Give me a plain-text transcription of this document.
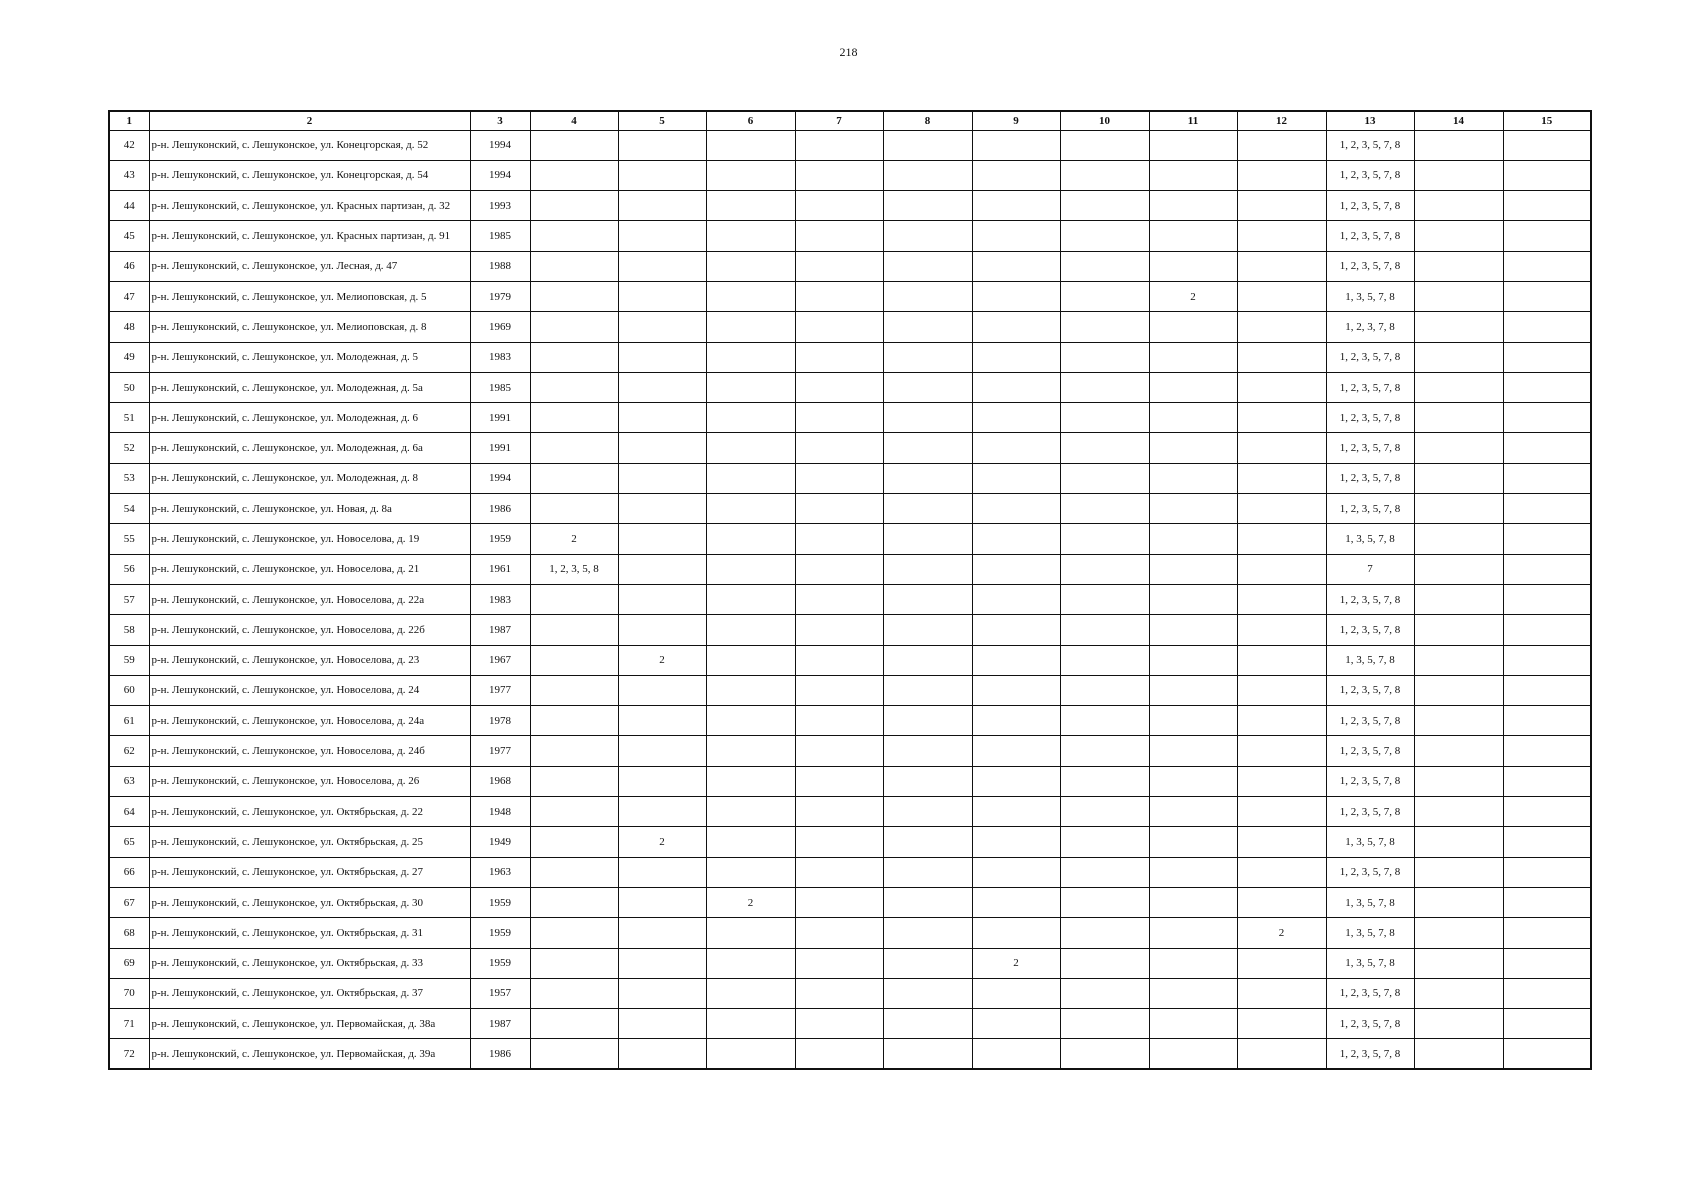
218
1	2	3	4	5	6	7	8	9	10	11	12	13	14	15
42	р-н. Лешуконский, с. Лешуконское, ул. Конецгорская, д. 52	1994										1, 2, 3, 5, 7, 8		
43	р-н. Лешуконский, с. Лешуконское, ул. Конецгорская, д. 54	1994										1, 2, 3, 5, 7, 8		
44	р-н. Лешуконский, с. Лешуконское, ул. Красных партизан, д. 32	1993										1, 2, 3, 5, 7, 8		
45	р-н. Лешуконский, с. Лешуконское, ул. Красных партизан, д. 91	1985										1, 2, 3, 5, 7, 8		
46	р-н. Лешуконский, с. Лешуконское, ул. Лесная, д. 47	1988										1, 2, 3, 5, 7, 8		
47	р-н. Лешуконский, с. Лешуконское, ул. Мелиоповская, д. 5	1979								2		1, 3, 5, 7, 8		
48	р-н. Лешуконский, с. Лешуконское, ул. Мелиоповская, д. 8	1969										1, 2, 3, 7, 8		
49	р-н. Лешуконский, с. Лешуконское, ул. Молодежная, д. 5	1983										1, 2, 3, 5, 7, 8		
50	р-н. Лешуконский, с. Лешуконское, ул. Молодежная, д. 5а	1985										1, 2, 3, 5, 7, 8		
51	р-н. Лешуконский, с. Лешуконское, ул. Молодежная, д. 6	1991										1, 2, 3, 5, 7, 8		
52	р-н. Лешуконский, с. Лешуконское, ул. Молодежная, д. 6а	1991										1, 2, 3, 5, 7, 8		
53	р-н. Лешуконский, с. Лешуконское, ул. Молодежная, д. 8	1994										1, 2, 3, 5, 7, 8		
54	р-н. Лешуконский, с. Лешуконское, ул. Новая, д. 8а	1986										1, 2, 3, 5, 7, 8		
55	р-н. Лешуконский, с. Лешуконское, ул. Новоселова, д. 19	1959	2									1, 3, 5, 7, 8		
56	р-н. Лешуконский, с. Лешуконское, ул. Новоселова, д. 21	1961	1, 2, 3, 5, 8									7		
57	р-н. Лешуконский, с. Лешуконское, ул. Новоселова, д. 22а	1983										1, 2, 3, 5, 7, 8		
58	р-н. Лешуконский, с. Лешуконское, ул. Новоселова, д. 22б	1987										1, 2, 3, 5, 7, 8		
59	р-н. Лешуконский, с. Лешуконское, ул. Новоселова, д. 23	1967		2								1, 3, 5, 7, 8		
60	р-н. Лешуконский, с. Лешуконское, ул. Новоселова, д. 24	1977										1, 2, 3, 5, 7, 8		
61	р-н. Лешуконский, с. Лешуконское, ул. Новоселова, д. 24а	1978										1, 2, 3, 5, 7, 8		
62	р-н. Лешуконский, с. Лешуконское, ул. Новоселова, д. 24б	1977										1, 2, 3, 5, 7, 8		
63	р-н. Лешуконский, с. Лешуконское, ул. Новоселова, д. 26	1968										1, 2, 3, 5, 7, 8		
64	р-н. Лешуконский, с. Лешуконское, ул. Октябрьская, д. 22	1948										1, 2, 3, 5, 7, 8		
65	р-н. Лешуконский, с. Лешуконское, ул. Октябрьская, д. 25	1949		2								1, 3, 5, 7, 8		
66	р-н. Лешуконский, с. Лешуконское, ул. Октябрьская, д. 27	1963										1, 2, 3, 5, 7, 8		
67	р-н. Лешуконский, с. Лешуконское, ул. Октябрьская, д. 30	1959			2							1, 3, 5, 7, 8		
68	р-н. Лешуконский, с. Лешуконское, ул. Октябрьская, д. 31	1959									2	1, 3, 5, 7, 8		
69	р-н. Лешуконский, с. Лешуконское, ул. Октябрьская, д. 33	1959						2				1, 3, 5, 7, 8		
70	р-н. Лешуконский, с. Лешуконское, ул. Октябрьская, д. 37	1957										1, 2, 3, 5, 7, 8		
71	р-н. Лешуконский, с. Лешуконское, ул. Первомайская, д. 38а	1987										1, 2, 3, 5, 7, 8		
72	р-н. Лешуконский, с. Лешуконское, ул. Первомайская, д. 39а	1986										1, 2, 3, 5, 7, 8		
